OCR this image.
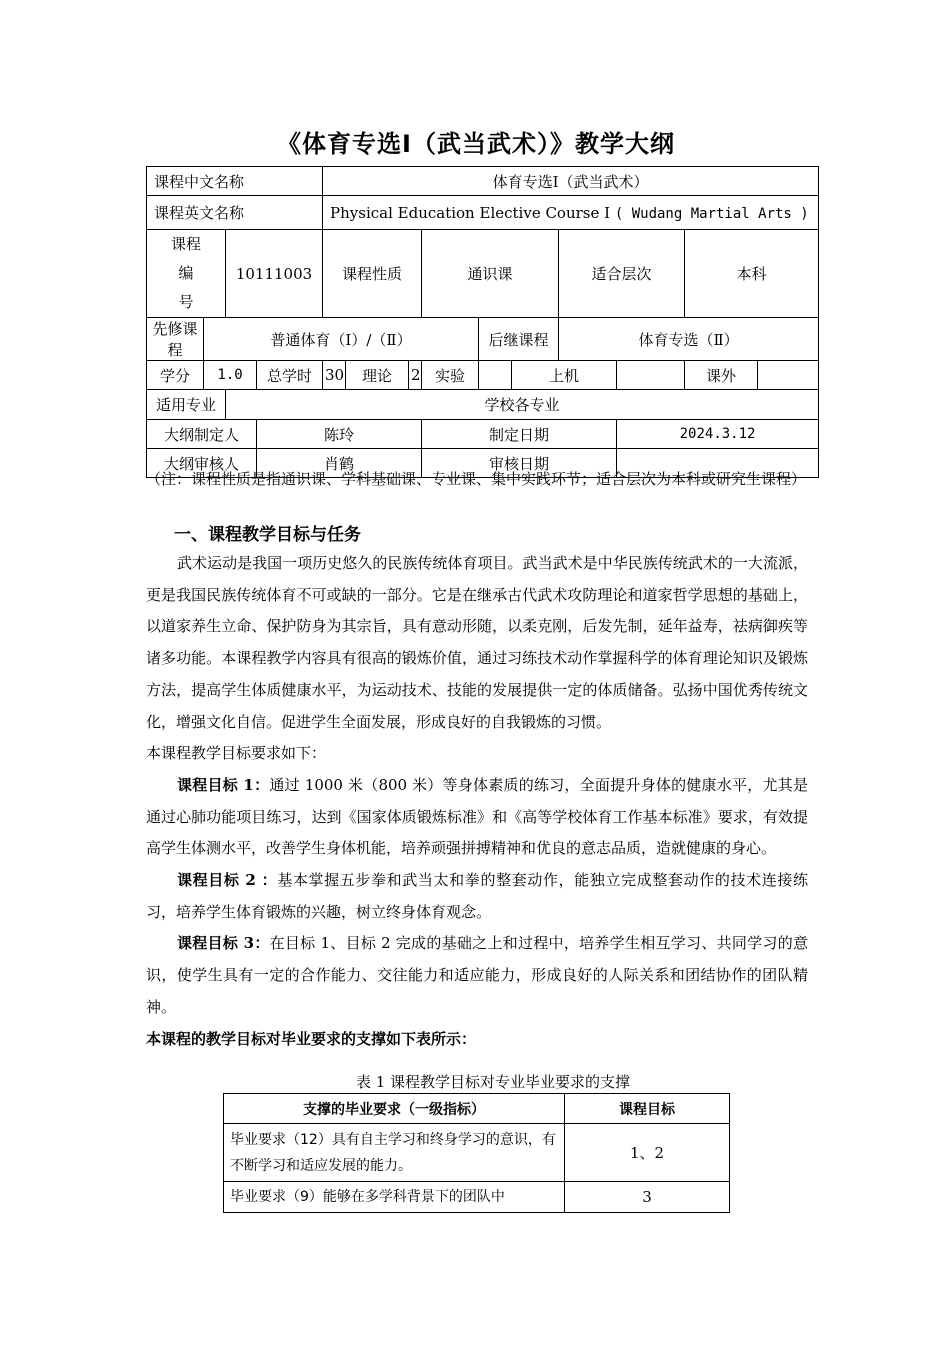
《体育专选Ⅰ（武当武术）》教学大纲
课程中文名称				体育专选Ⅰ（武当武术）									
课程英文名称				Physical Education Elective Course Ⅰ ( Wudang Martial Arts )									

课程
编
号		10111003		课程性质			通识课			适合层次		本科	
先修课程	普通体育（Ⅰ）/（Ⅱ）							后继课程		体育专选（Ⅱ）			
学分	1.0		总学时	30	理论	2	实验		上机			课外	
适用专业		学校各专业											
大纲制定人			陈玲				制定日期				2024.3.12		
大纲审核人			肖鹤				审核日期						
（注：课程性质是指通识课、学科基础课、专业课、集中实践环节；适合层次为本科或研究生课程）
一、课程教学目标与任务

武术运动是我国一项历史悠久的民族传统体育项目。武当武术是中华民族传统武术的一大流派，更是我国民族传统体育不可或缺的一部分。它是在继承古代武术攻防理论和道家哲学思想的基础上，以道家养生立命、保护防身为其宗旨，具有意动形随，以柔克刚，后发先制，延年益寿，祛病御疾等诸多功能。本课程教学内容具有很高的锻炼价值，通过习练技术动作掌握科学的体育理论知识及锻炼方法，提高学生体质健康水平，为运动技术、技能的发展提供一定的体质储备。弘扬中国优秀传统文化，增强文化自信。促进学生全面发展，形成良好的自我锻炼的习惯。

本课程教学目标要求如下：

课程目标 1：通过 1000 米（800 米）等身体素质的练习，全面提升身体的健康水平，尤其是通过心肺功能项目练习，达到《国家体质锻炼标准》和《高等学校体育工作基本标准》要求，有效提高学生体测水平，改善学生身体机能，培养顽强拼搏精神和优良的意志品质，造就健康的身心。

课程目标 2 ：基本掌握五步拳和武当太和拳的整套动作，能独立完成整套动作的技术连接练习，培养学生体育锻炼的兴趣，树立终身体育观念。

课程目标 3：在目标 1、目标 2 完成的基础之上和过程中，培养学生相互学习、共同学习的意识，使学生具有一定的合作能力、交往能力和适应能力，形成良好的人际关系和团结协作的团队精神。

本课程的教学目标对毕业要求的支撑如下表所示：

表 1 课程教学目标对专业毕业要求的支撑
支撑的毕业要求（一级指标）	课程目标
毕业要求（12）具有自主学习和终身学习的意识，有不断学习和适应发展的能力。	1、2
毕业要求（9）能够在多学科背景下的团队中	3
